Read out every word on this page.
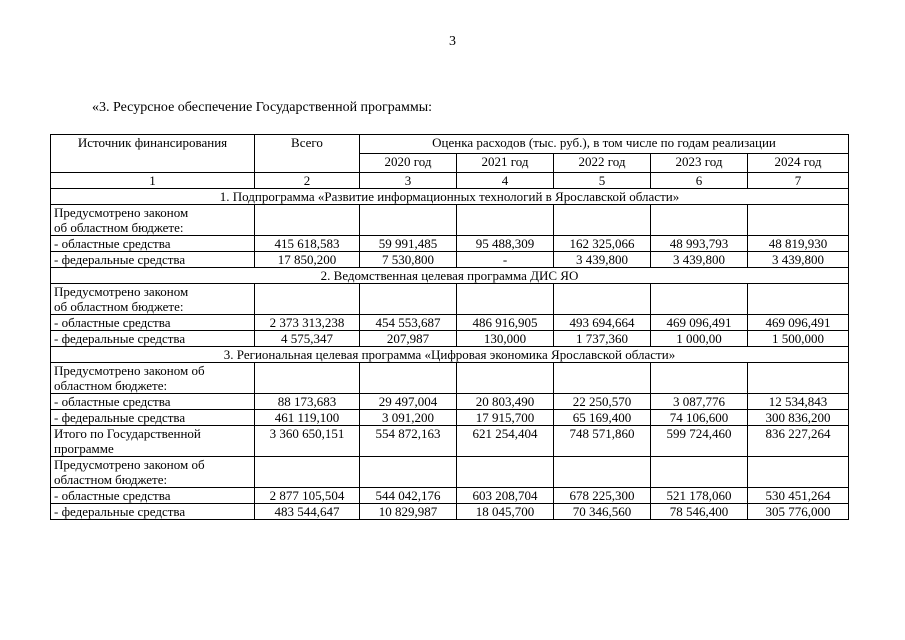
3
«3. Ресурсное обеспечение Государственной программы:
Источник финансирования	Всего	Оценка расходов (тыс. руб.), в том числе по годам реализации				
		2020 год	2021 год	2022 год	2023 год	2024 год
1	2	3	4	5	6	7
1. Подпрограмма «Развитие информационных технологий в Ярославской области»						
Предусмотрено законом
об областном бюджете:						
- областные средства	415 618,583	59 991,485	95 488,309	162 325,066	48 993,793	48 819,930
- федеральные средства	17 850,200	7 530,800	-	3 439,800	3 439,800	3 439,800
2. Ведомственная целевая программа ДИС ЯО						
Предусмотрено законом
об областном бюджете:						
- областные средства	2 373 313,238	454 553,687	486 916,905	493 694,664	469 096,491	469 096,491
- федеральные средства	4 575,347	207,987	130,000	1 737,360	1 000,00	1 500,000
3. Региональная целевая программа «Цифровая экономика Ярославской области»						
Предусмотрено законом об
областном бюджете:						
- областные средства	88 173,683	29 497,004	20 803,490	22 250,570	3 087,776	12 534,843
- федеральные средства	461 119,100	3 091,200	17 915,700	65 169,400	74 106,600	300 836,200
Итого по Государственной
программе	3 360 650,151	554 872,163	621 254,404	748 571,860	599 724,460	836 227,264
Предусмотрено законом об
областном бюджете:						
- областные средства	2 877 105,504	544 042,176	603 208,704	678 225,300	521 178,060	530 451,264
- федеральные средства	483 544,647	10 829,987	18 045,700	70 346,560	78 546,400	305 776,000
